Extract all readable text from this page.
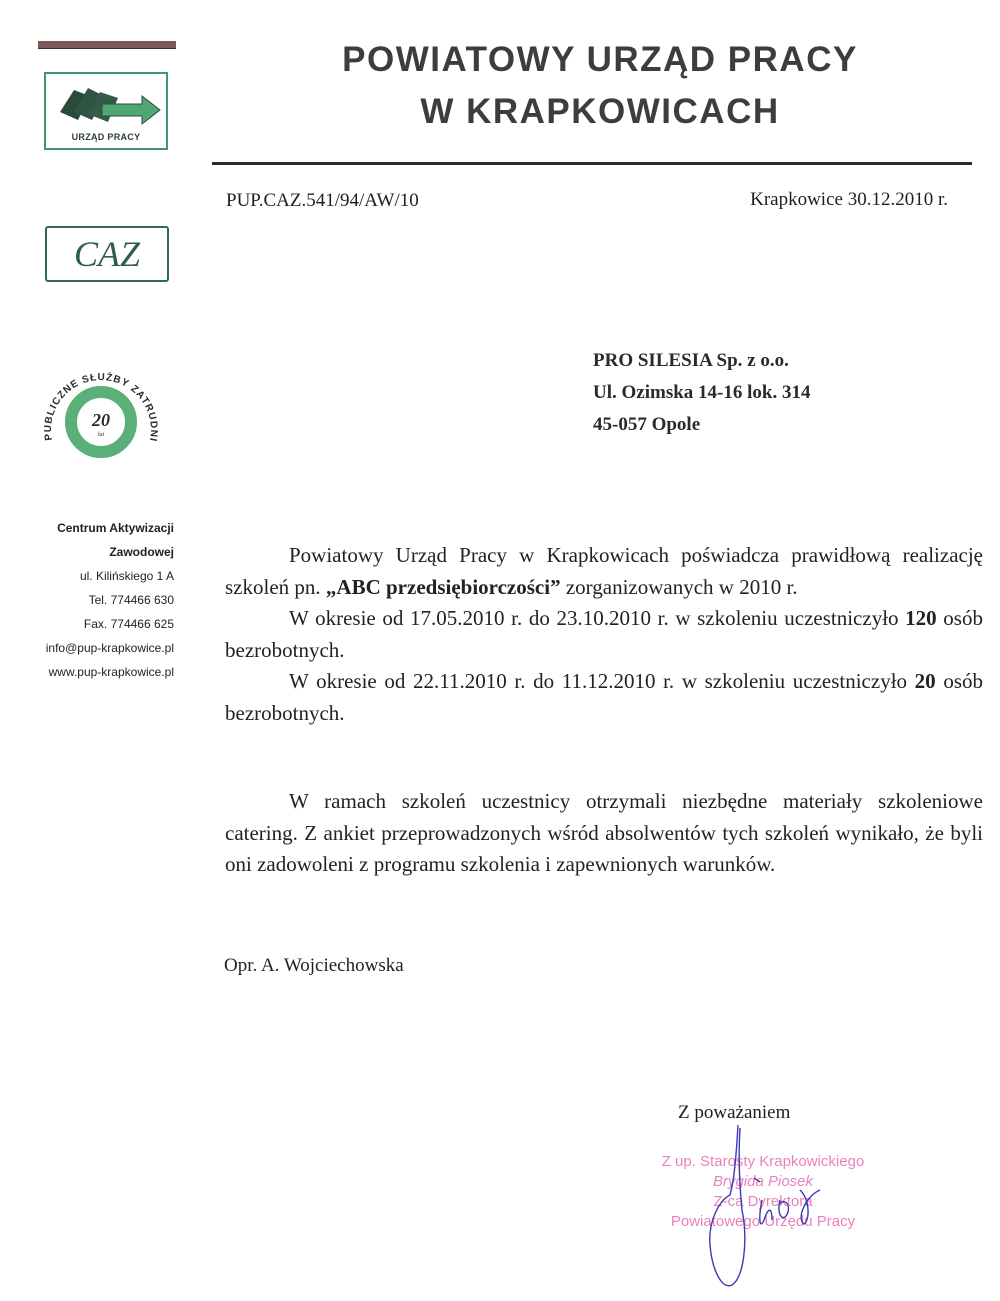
URZĄD PRACY
CAZ
PUBLICZNE SŁUŻBY ZATRUDNI
20
lat
POWIATOWY URZĄD PRACY
W KRAPKOWICACH
PUP.CAZ.541/94/AW/10	Krapkowice 30.12.2010 r.
PRO SILESIA Sp. z o.o.
Ul. Ozimska 14-16 lok. 314
45-057 Opole
Centrum Aktywizacji
Zawodowej
ul. Kilińskiego 1 A
Tel. 774466 630
Fax. 774466 625
info@pup-krapkowice.pl
www.pup-krapkowice.pl

Powiatowy Urząd Pracy w Krapkowicach poświadcza prawidłową realizację szkoleń pn. „ABC przedsiębiorczości” zorganizowanych w 2010 r.

W okresie od 17.05.2010 r. do 23.10.2010 r. w szkoleniu uczestniczyło 120 osób bezrobotnych.

W okresie od 22.11.2010 r. do 11.12.2010 r. w szkoleniu uczestniczyło 20 osób bezrobotnych.

W ramach szkoleń uczestnicy otrzymali niezbędne materiały szkoleniowe catering. Z ankiet przeprowadzonych wśród absolwentów tych szkoleń wynikało, że byli oni zadowoleni z programu szkolenia i zapewnionych warunków.

Opr. A. Wojciechowska
Z poważaniem
Z up. Starosty Krapkowickiego
Brygida Piosek
Z-ca Dyrektora
Powiatowego Urzędu Pracy
